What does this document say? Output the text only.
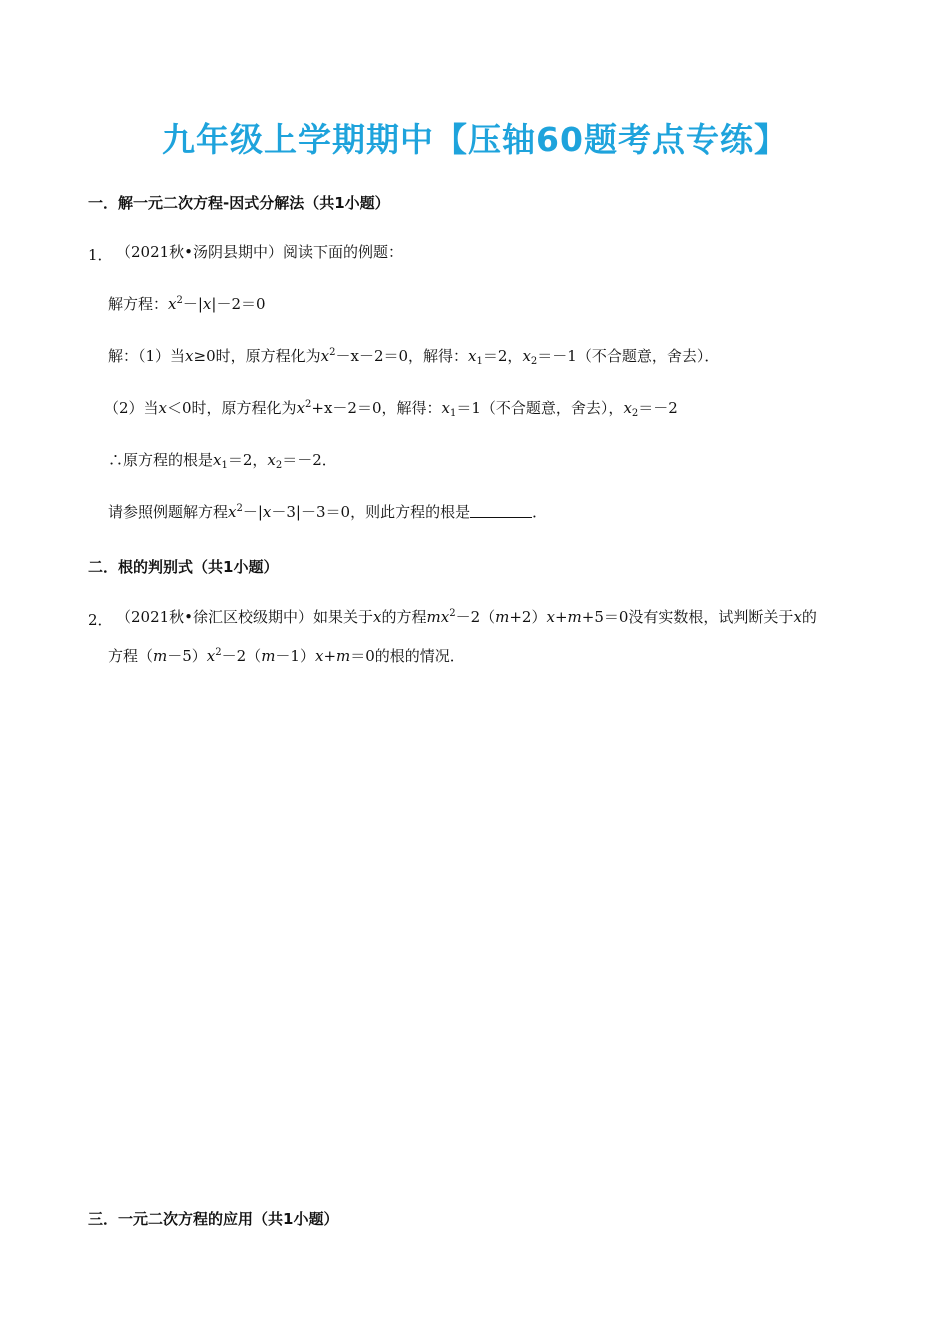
九年级上学期期中【压轴60题考点专练】
一．解一元二次方程-因式分解法（共1小题）
1． （2021秋•汤阴县期中）阅读下面的例题：
解方程：$x^2-|x|-2=0$
解：（1）当x≥0时，原方程化为$x^2-x-2=0$，解得：$x_1=2$，$x_2=-1$（不合题意，舍去）．
（2）当x＜0时，原方程化为$x^2+x-2=0$，解得：$x_1=1$（不合题意，舍去），$x_2=-2$
∴原方程的根是$x_1=2$，$x_2=-2$．
请参照例题解方程$x^2-|x-3|-3=0$，则此方程的根是	．
二．根的判别式（共1小题）
2． （2021秋•徐汇区校级期中）如果关于x的方程$mx^2-2(m+2)x+m+5=0$没有实数根，试判断关于x的
方程$(m-5)x^2-2(m-1)x+m=0$的根的情况．
三．一元二次方程的应用（共1小题）
